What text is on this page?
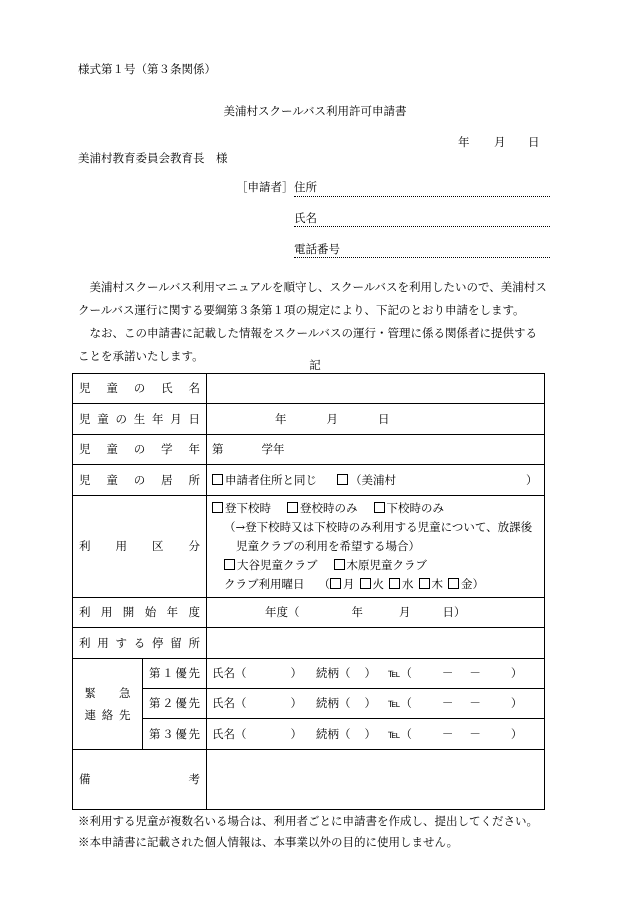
様式第１号（第３条関係）
美浦村スクールバス利用許可申請書
年 月 日
美浦村教育委員会教育長　様
［申請者］ 住所
氏名
電話番号

美浦村スクールバス利用マニュアルを順守し、スクールバスを利用したいので、美浦村スクールバス運行に関する要綱第３条第１項の規定により、下記のとおり申請をします。

なお、この申請書に記載した情報をスクールバスの運行・管理に係る関係者に提供することを承諾いたします。

記
児童の氏名		
児童の生年月日		年 月 日
児童の学年		第 学年
児童の居所		申請者住所と同じ （美浦村 ）
利用区分		登下校時 登校時のみ 下校時のみ
（→登下校時又は下校時のみ利用する児童について、放課後
児童クラブの利用を希望する場合）
大谷児童クラブ 木原児童クラブ
クラブ利用曜日 （ 月 火 水 木 金）

利用開始年度		年度（ 年 月 日）
利用する停留所		

緊　　急
連絡先	第１優先	氏名（ ） 続柄（ ） ℡（ － － ）
	第２優先	氏名（ ） 続柄（ ） ℡（ － － ）
	第３優先	氏名（ ） 続柄（ ） ℡（ － － ）
備考		
※利用する児童が複数名いる場合は、利用者ごとに申請書を作成し、提出してください。
※本申請書に記載された個人情報は、本事業以外の目的に使用しません。
